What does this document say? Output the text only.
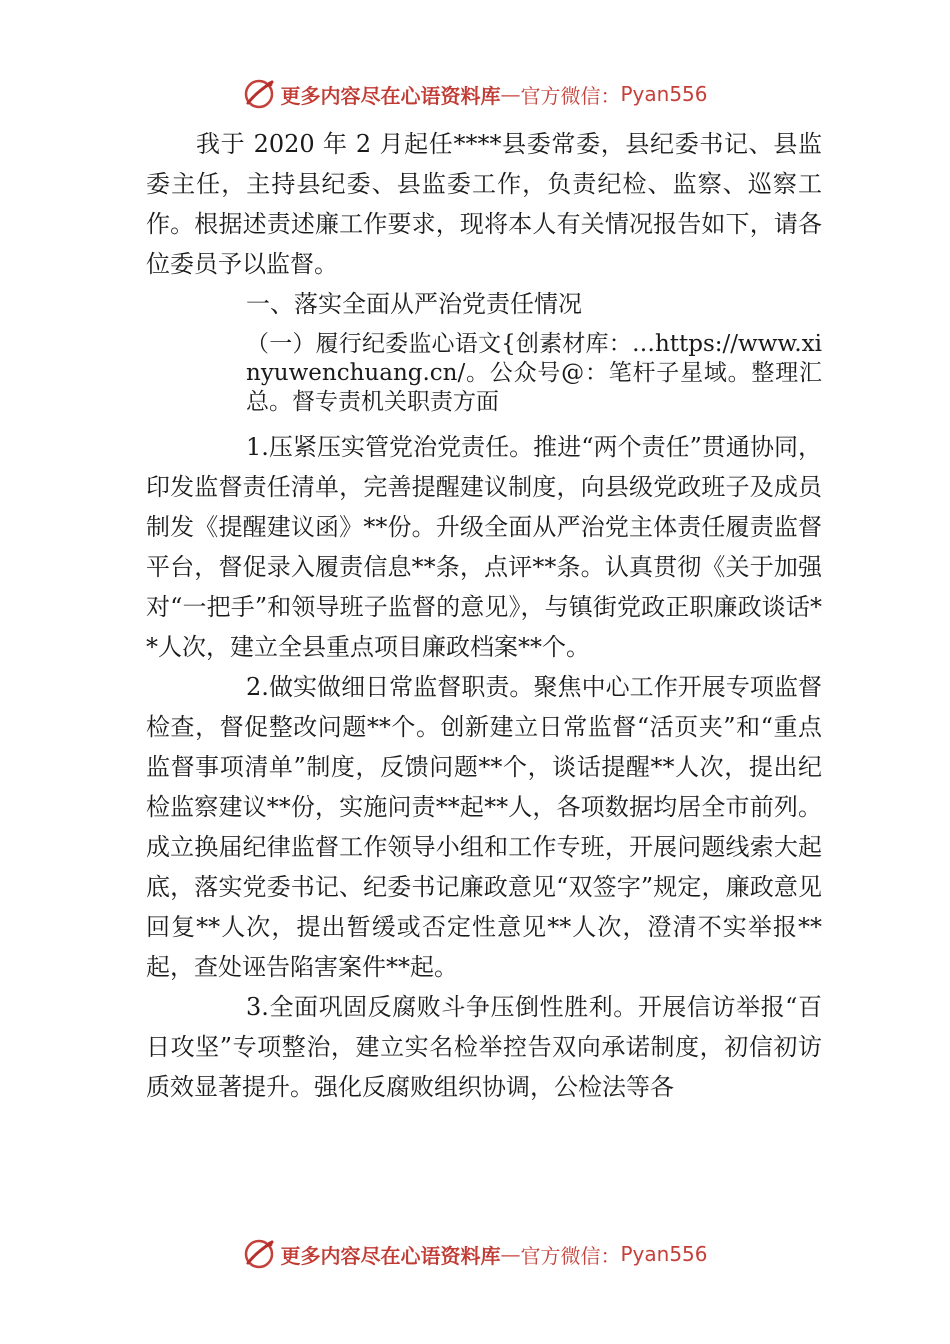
更多内容尽在心语资料库 — 官方微信： Pyan556

我于 2020 年 2 月起任****县委常委，县纪委书记、县监委主任，主持县纪委、县监委工作，负责纪检、监察、巡察工作。根据述责述廉工作要求，现将本人有关情况报告如下，请各位委员予以监督。

一、落实全面从严治党责任情况

（一）履行纪委监心语文{创素材库：…https://www.xinyuwenchuang.cn/。公众号@：笔杆子星域。整理汇总。督专责机关职责方面

1.压紧压实管党治党责任。推进“两个责任”贯通协同，印发监督责任清单，完善提醒建议制度，向县级党政班子及成员制发《提醒建议函》**份。升级全面从严治党主体责任履责监督平台，督促录入履责信息**条，点评**条。认真贯彻《关于加强对“一把手”和领导班子监督的意见》，与镇街党政正职廉政谈话**人次，建立全县重点项目廉政档案**个。

2.做实做细日常监督职责。聚焦中心工作开展专项监督检查，督促整改问题**个。创新建立日常监督“活页夹”和“重点监督事项清单”制度，反馈问题**个，谈话提醒**人次，提出纪检监察建议**份，实施问责**起**人，各项数据均居全市前列。成立换届纪律监督工作领导小组和工作专班，开展问题线索大起底，落实党委书记、纪委书记廉政意见“双签字”规定，廉政意见回复**人次，提出暂缓或否定性意见**人次，澄清不实举报**起，查处诬告陷害案件**起。

3.全面巩固反腐败斗争压倒性胜利。开展信访举报“百日攻坚”专项整治，建立实名检举控告双向承诺制度，初信初访质效显著提升。强化反腐败组织协调，公检法等各

更多内容尽在心语资料库 — 官方微信： Pyan556
